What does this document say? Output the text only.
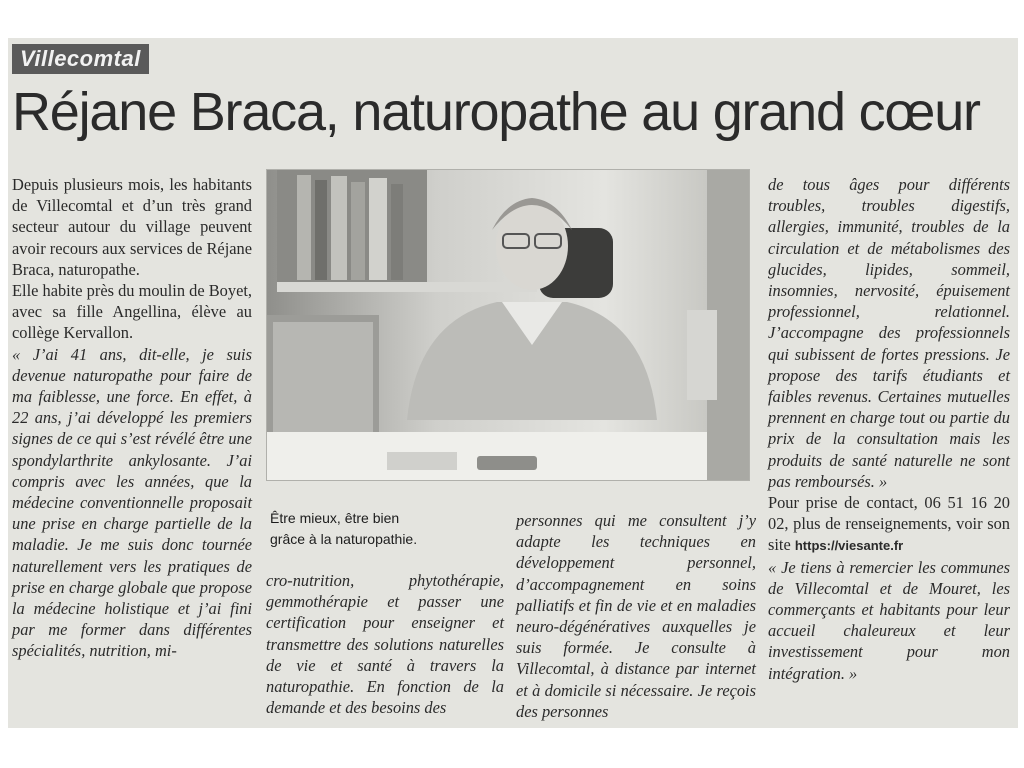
Villecomtal
Réjane Braca, naturopathe au grand cœur

Depuis plusieurs mois, les habitants de Villecomtal et d’un très grand secteur autour du village peuvent avoir recours aux services de Réjane Braca, naturopathe.

Elle habite près du moulin de Boyet, avec sa fille Angellina, élève au collège Kervallon.

« J’ai 41 ans, dit-elle, je suis devenue naturopathe pour faire de ma faiblesse, une force. En effet, à 22 ans, j’ai développé les premiers signes de ce qui s’est révélé être une spondylarthrite ankylosante. J’ai compris avec les années, que la médecine conventionnelle proposait une prise en charge partielle de la maladie. Je me suis donc tournée naturellement vers les pratiques de prise en charge globale que propose la médecine holistique et j’ai fini par me former dans différentes spécialités, nutrition, mi-

Être mieux, être bien
grâce à la naturopathie.

cro-nutrition, phytothérapie, gemmothérapie et passer une certification pour enseigner et transmettre des solutions naturelles de vie et santé à travers la naturopathie. En fonction de la demande et des besoins des

personnes qui me consultent j’y adapte les techniques en développement personnel, d’accompagnement en soins palliatifs et fin de vie et en maladies neuro-dégénératives auxquelles je suis formée. Je consulte à Villecomtal, à distance par internet et à domicile si nécessaire. Je reçois des personnes

de tous âges pour différents troubles, troubles digestifs, allergies, immunité, troubles de la circulation et de métabolismes des glucides, lipides, sommeil, insomnies, nervosité, épuisement professionnel, relationnel. J’accompagne des professionnels qui subissent de fortes pressions. Je propose des tarifs étudiants et faibles revenus. Certaines mutuelles prennent en charge tout ou partie du prix de la consultation mais les produits de santé naturelle ne sont pas remboursés. »

Pour prise de contact, 06 51 16 20 02, plus de renseignements, voir son site https://viesante.fr

« Je tiens à remercier les communes de Villecomtal et de Mouret, les commerçants et habitants pour leur accueil chaleureux et leur investissement pour mon intégration. »
